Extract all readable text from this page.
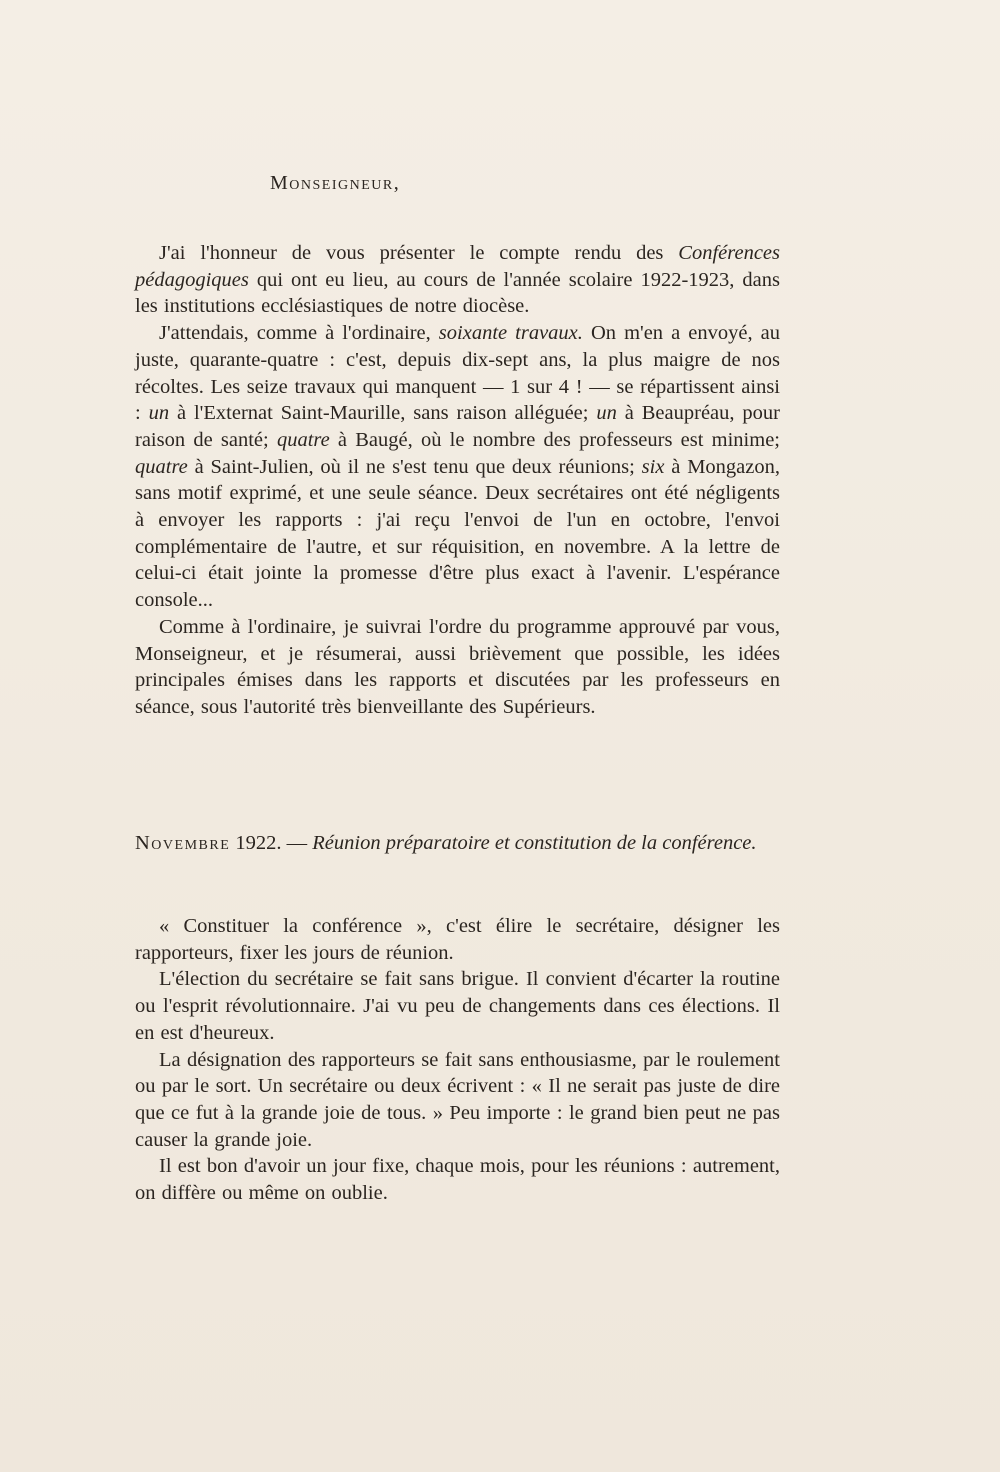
Monseigneur,

J'ai l'honneur de vous présenter le compte rendu des Conférences pédagogiques qui ont eu lieu, au cours de l'année scolaire 1922-1923, dans les institutions ecclésiastiques de notre diocèse.

J'attendais, comme à l'ordinaire, soixante travaux. On m'en a envoyé, au juste, quarante-quatre : c'est, depuis dix-sept ans, la plus maigre de nos récoltes. Les seize travaux qui manquent — 1 sur 4 ! — se répartissent ainsi : un à l'Externat Saint-Maurille, sans raison alléguée; un à Beaupréau, pour raison de santé; quatre à Baugé, où le nombre des professeurs est minime; quatre à Saint-Julien, où il ne s'est tenu que deux réunions; six à Mongazon, sans motif exprimé, et une seule séance. Deux secrétaires ont été négligents à envoyer les rapports : j'ai reçu l'envoi de l'un en octobre, l'envoi complémentaire de l'autre, et sur réquisition, en novembre. A la lettre de celui-ci était jointe la promesse d'être plus exact à l'avenir. L'espérance console...

Comme à l'ordinaire, je suivrai l'ordre du programme approuvé par vous, Monseigneur, et je résumerai, aussi brièvement que possible, les idées principales émises dans les rapports et discutées par les professeurs en séance, sous l'autorité très bienveillante des Supérieurs.

Novembre 1922. — Réunion préparatoire et constitution de la conférence.

« Constituer la conférence », c'est élire le secrétaire, désigner les rapporteurs, fixer les jours de réunion.

L'élection du secrétaire se fait sans brigue. Il convient d'écarter la routine ou l'esprit révolutionnaire. J'ai vu peu de changements dans ces élections. Il en est d'heureux.

La désignation des rapporteurs se fait sans enthousiasme, par le roulement ou par le sort. Un secrétaire ou deux écrivent : « Il ne serait pas juste de dire que ce fut à la grande joie de tous. » Peu importe : le grand bien peut ne pas causer la grande joie.

Il est bon d'avoir un jour fixe, chaque mois, pour les réunions : autrement, on diffère ou même on oublie.
